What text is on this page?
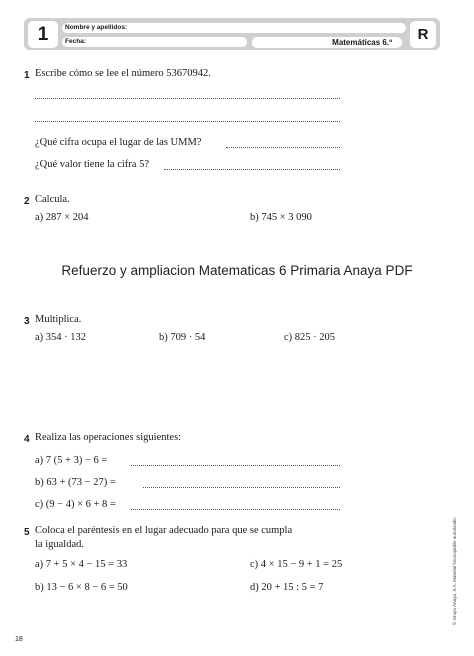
1	Nombre y apellidos:
Fecha:	Matemáticas 6.º	R
1 Escribe cómo se lee el número 53670942.
¿Qué cifra ocupa el lugar de las UMM?
¿Qué valor tiene la cifra 5?
2 Calcula.
a) 287 × 204	b) 745 × 3 090
Refuerzo y ampliacion Matematicas 6 Primaria Anaya PDF
3 Multiplica.
a) 354 · 132	b) 709 · 54	c) 825 · 205
4 Realiza las operaciones siguientes:
a) 7 (5 + 3) − 6 =
b) 63 + (73 − 27) =
c) (9 − 4) × 6 + 8 =
5 Coloca el paréntesis en el lugar adecuado para que se cumpla
la igualdad.
a) 7 + 5 × 4 − 15 = 33	c) 4 × 15 − 9 + 1 = 25
b) 13 − 6 × 8 − 6 = 50	d) 20 + 15 : 5 = 7	© Grupo Anaya, S.A. Material fotocopiable autorizado.
18
